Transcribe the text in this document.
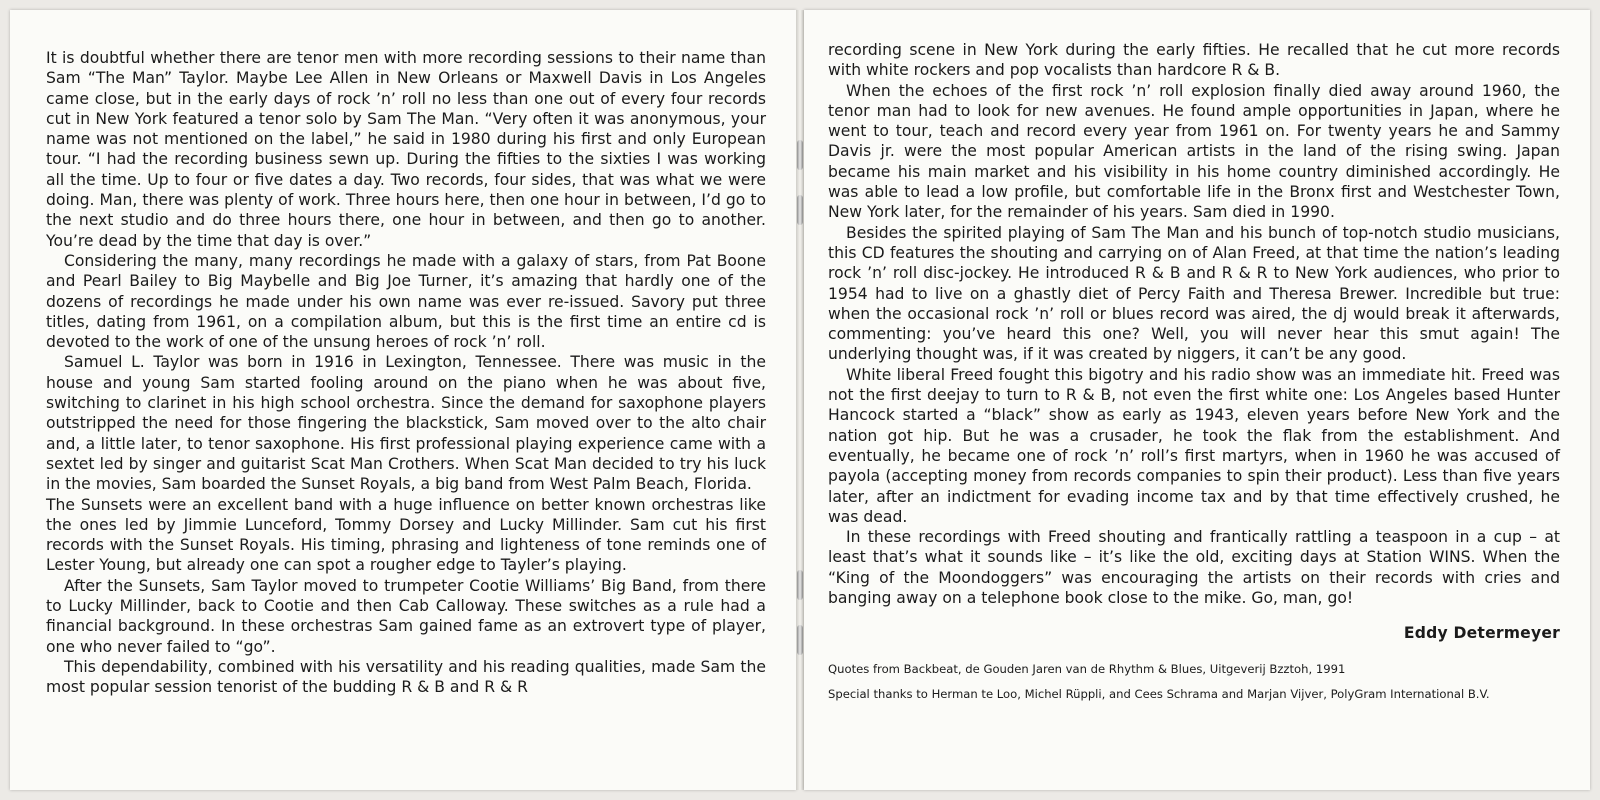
It is doubtful whether there are tenor men with more recording sessions to their name than Sam “The Man” Taylor. Maybe Lee Allen in New Orleans or Maxwell Davis in Los Angeles came close, but in the early days of rock ’n’ roll no less than one out of every four records cut in New York featured a tenor solo by Sam The Man. “Very often it was anonymous, your name was not mentioned on the label,” he said in 1980 during his first and only European tour. “I had the recording business sewn up. During the fifties to the sixties I was working all the time. Up to four or five dates a day. Two records, four sides, that was what we were doing. Man, there was plenty of work. Three hours here, then one hour in between, I’d go to the next studio and do three hours there, one hour in between, and then go to another. You’re dead by the time that day is over.”

Considering the many, many recordings he made with a galaxy of stars, from Pat Boone and Pearl Bailey to Big Maybelle and Big Joe Turner, it’s amazing that hardly one of the dozens of recordings he made under his own name was ever re-issued. Savory put three titles, dating from 1961, on a compilation album, but this is the first time an entire cd is devoted to the work of one of the unsung heroes of rock ’n’ roll.

Samuel L. Taylor was born in 1916 in Lexington, Tennessee. There was music in the house and young Sam started fooling around on the piano when he was about five, switching to clarinet in his high school orchestra. Since the demand for saxophone players outstripped the need for those fingering the blackstick, Sam moved over to the alto chair and, a little later, to tenor saxophone. His first professional playing experience came with a sextet led by singer and guitarist Scat Man Crothers. When Scat Man decided to try his luck in the movies, Sam boarded the Sunset Royals, a big band from West Palm Beach, Florida.

The Sunsets were an excellent band with a huge influence on better known orchestras like the ones led by Jimmie Lunceford, Tommy Dorsey and Lucky Millinder. Sam cut his first records with the Sunset Royals. His timing, phrasing and lighteness of tone reminds one of Lester Young, but already one can spot a rougher edge to Tayler’s playing.

After the Sunsets, Sam Taylor moved to trumpeter Cootie Williams’ Big Band, from there to Lucky Millinder, back to Cootie and then Cab Calloway. These switches as a rule had a financial background. In these orchestras Sam gained fame as an extrovert type of player, one who never failed to “go”.

This dependability, combined with his versatility and his reading qualities, made Sam the most popular session tenorist of the budding R & B and R & R

recording scene in New York during the early fifties. He recalled that he cut more records with white rockers and pop vocalists than hardcore R & B.

When the echoes of the first rock ’n’ roll explosion finally died away around 1960, the tenor man had to look for new avenues. He found ample opportunities in Japan, where he went to tour, teach and record every year from 1961 on. For twenty years he and Sammy Davis jr. were the most popular American artists in the land of the rising swing. Japan became his main market and his visibility in his home country diminished accordingly. He was able to lead a low profile, but comfortable life in the Bronx first and Westchester Town, New York later, for the remainder of his years. Sam died in 1990.

Besides the spirited playing of Sam The Man and his bunch of top-notch studio musicians, this CD features the shouting and carrying on of Alan Freed, at that time the nation’s leading rock ’n’ roll disc-jockey. He introduced R & B and R & R to New York audiences, who prior to 1954 had to live on a ghastly diet of Percy Faith and Theresa Brewer. Incredible but true: when the occasional rock ’n’ roll or blues record was aired, the dj would break it afterwards, commenting: you’ve heard this one? Well, you will never hear this smut again! The underlying thought was, if it was created by niggers, it can’t be any good.

White liberal Freed fought this bigotry and his radio show was an immediate hit. Freed was not the first deejay to turn to R & B, not even the first white one: Los Angeles based Hunter Hancock started a “black” show as early as 1943, eleven years before New York and the nation got hip. But he was a crusader, he took the flak from the establishment. And eventually, he became one of rock ’n’ roll’s first martyrs, when in 1960 he was accused of payola (accepting money from records companies to spin their product). Less than five years later, after an indictment for evading income tax and by that time effectively crushed, he was dead.

In these recordings with Freed shouting and frantically rattling a teaspoon in a cup – at least that’s what it sounds like – it’s like the old, exciting days at Station WINS. When the “King of the Moondoggers” was encouraging the artists on their records with cries and banging away on a telephone book close to the mike. Go, man, go!

Eddy Determeyer

Quotes from Backbeat, de Gouden Jaren van de Rhythm & Blues, Uitgeverij Bzztoh, 1991

Special thanks to Herman te Loo, Michel Rüppli, and Cees Schrama and Marjan Vijver, PolyGram International B.V.
